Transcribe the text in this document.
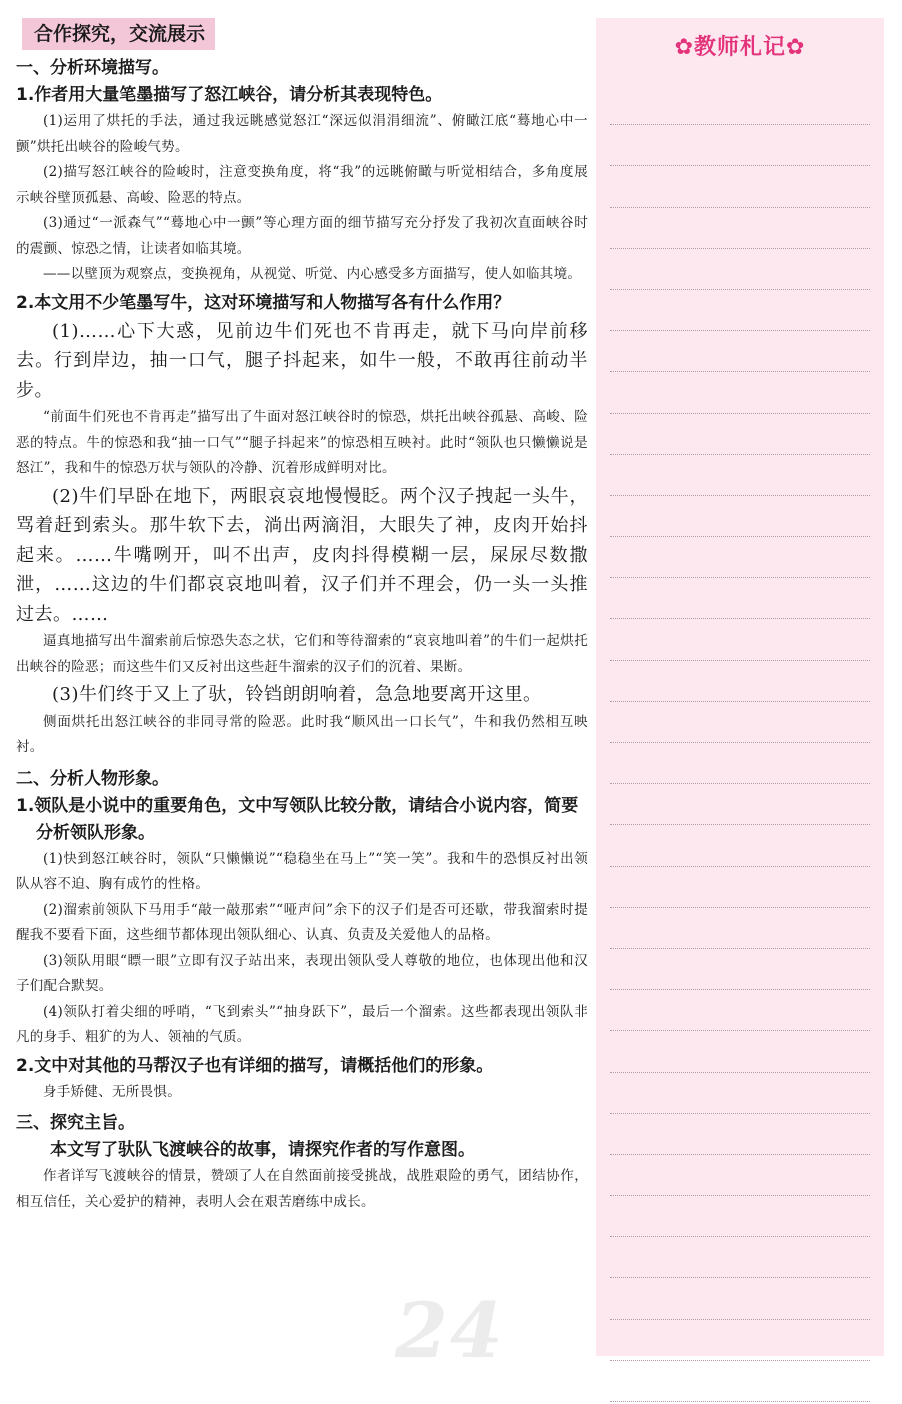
合作探究，交流展示
一、分析环境描写。
1.作者用大量笔墨描写了怒江峡谷，请分析其表现特色。
(1)运用了烘托的手法，通过我远眺感觉怒江“深远似涓涓细流”、俯瞰江底“蓦地心中一颤”烘托出峡谷的险峻气势。
(2)描写怒江峡谷的险峻时，注意变换角度，将“我”的远眺俯瞰与听觉相结合，多角度展示峡谷壁顶孤悬、高峻、险恶的特点。
(3)通过“一派森气”“蓦地心中一颤”等心理方面的细节描写充分抒发了我初次直面峡谷时的震颤、惊恐之情，让读者如临其境。
——以壁顶为观察点，变换视角，从视觉、听觉、内心感受多方面描写，使人如临其境。
2.本文用不少笔墨写牛，这对环境描写和人物描写各有什么作用？
(1)……心下大惑，见前边牛们死也不肯再走，就下马向岸前移去。行到岸边，抽一口气，腿子抖起来，如牛一般，不敢再往前动半步。
“前面牛们死也不肯再走”描写出了牛面对怒江峡谷时的惊恐，烘托出峡谷孤悬、高峻、险恶的特点。牛的惊恐和我“抽一口气”“腿子抖起来”的惊恐相互映衬。此时“领队也只懒懒说是怒江”，我和牛的惊恐万状与领队的冷静、沉着形成鲜明对比。
(2)牛们早卧在地下，两眼哀哀地慢慢眨。两个汉子拽起一头牛，骂着赶到索头。那牛软下去，淌出两滴泪，大眼失了神，皮肉开始抖起来。……牛嘴咧开，叫不出声，皮肉抖得模糊一层，屎尿尽数撒泄，……这边的牛们都哀哀地叫着，汉子们并不理会，仍一头一头推过去。……
逼真地描写出牛溜索前后惊恐失态之状，它们和等待溜索的“哀哀地叫着”的牛们一起烘托出峡谷的险恶；而这些牛们又反衬出这些赶牛溜索的汉子们的沉着、果断。
(3)牛们终于又上了驮，铃铛朗朗响着，急急地要离开这里。
侧面烘托出怒江峡谷的非同寻常的险恶。此时我“顺风出一口长气”，牛和我仍然相互映衬。
二、分析人物形象。
1.领队是小说中的重要角色，文中写领队比较分散，请结合小说内容，简要分析领队形象。
(1)快到怒江峡谷时，领队“只懒懒说”“稳稳坐在马上”“笑一笑”。我和牛的恐惧反衬出领队从容不迫、胸有成竹的性格。
(2)溜索前领队下马用手“敲一敲那索”“哑声问”余下的汉子们是否可还歇，带我溜索时提醒我不要看下面，这些细节都体现出领队细心、认真、负责及关爱他人的品格。
(3)领队用眼“瞟一眼”立即有汉子站出来，表现出领队受人尊敬的地位，也体现出他和汉子们配合默契。
(4)领队打着尖细的呼哨，“飞到索头”“抽身跃下”，最后一个溜索。这些都表现出领队非凡的身手、粗犷的为人、领袖的气质。
2.文中对其他的马帮汉子也有详细的描写，请概括他们的形象。
身手矫健、无所畏惧。
三、探究主旨。
本文写了驮队飞渡峡谷的故事，请探究作者的写作意图。
作者详写飞渡峡谷的情景，赞颂了人在自然面前接受挑战，战胜艰险的勇气，团结协作，相互信任，关心爱护的精神，表明人会在艰苦磨练中成长。
24
✿教师札记✿
